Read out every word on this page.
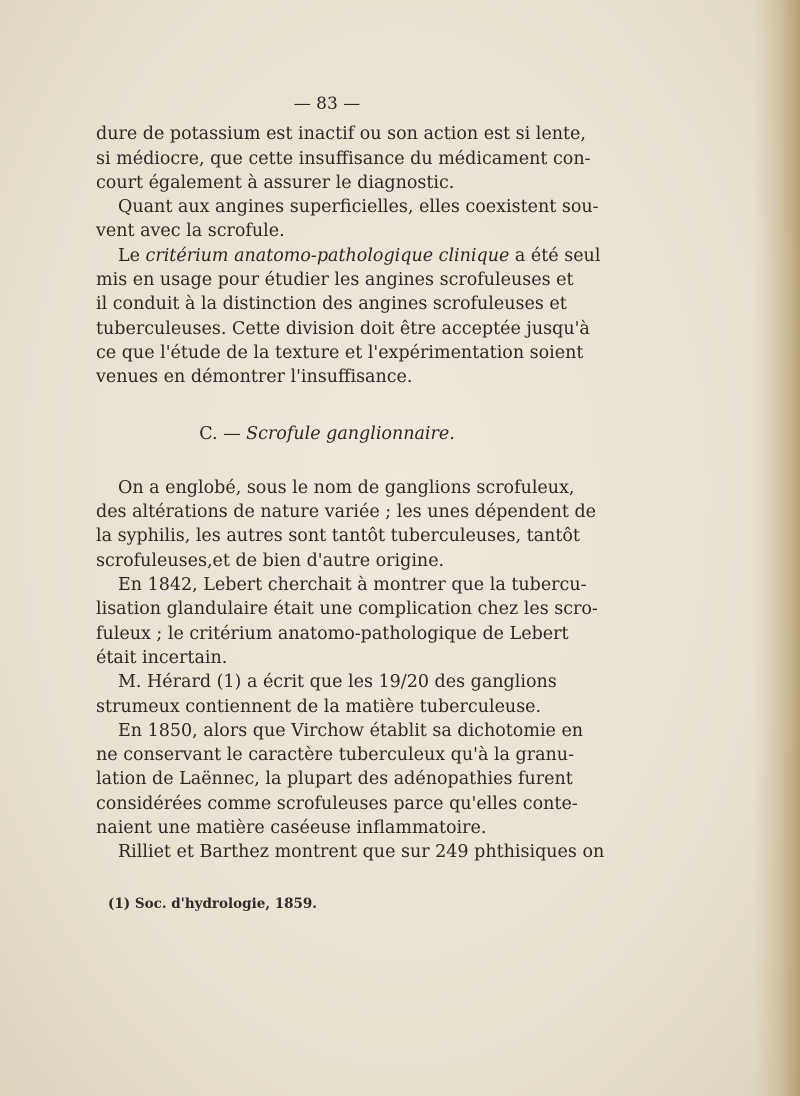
— 83 —
dure de potassium est inactif ou son action est si lente,
si médiocre, que cette insuffisance du médicament con-
court également à assurer le diagnostic.
Quant aux angines superficielles, elles coexistent sou-
vent avec la scrofule.
Le critérium anatomo-pathologique clinique a été seul
mis en usage pour étudier les angines scrofuleuses et
il conduit à la distinction des angines scrofuleuses et
tuberculeuses. Cette division doit être acceptée jusqu'à
ce que l'étude de la texture et l'expérimentation soient
venues en démontrer l'insuffisance.
C. — Scrofule ganglionnaire.
On a englobé, sous le nom de ganglions scrofuleux,
des altérations de nature variée ; les unes dépendent de
la syphilis, les autres sont tantôt tuberculeuses, tantôt
scrofuleuses,et de bien d'autre origine.
En 1842, Lebert cherchait à montrer que la tubercu-
lisation glandulaire était une complication chez les scro-
fuleux ; le critérium anatomo-pathologique de Lebert
était incertain.
M. Hérard (1) a écrit que les 19/20 des ganglions
strumeux contiennent de la matière tuberculeuse.
En 1850, alors que Virchow établit sa dichotomie en
ne conservant le caractère tuberculeux qu'à la granu-
lation de Laënnec, la plupart des adénopathies furent
considérées comme scrofuleuses parce qu'elles conte-
naient une matière caséeuse inflammatoire.
Rilliet et Barthez montrent que sur 249 phthisiques on
(1) Soc. d'hydrologie, 1859.
